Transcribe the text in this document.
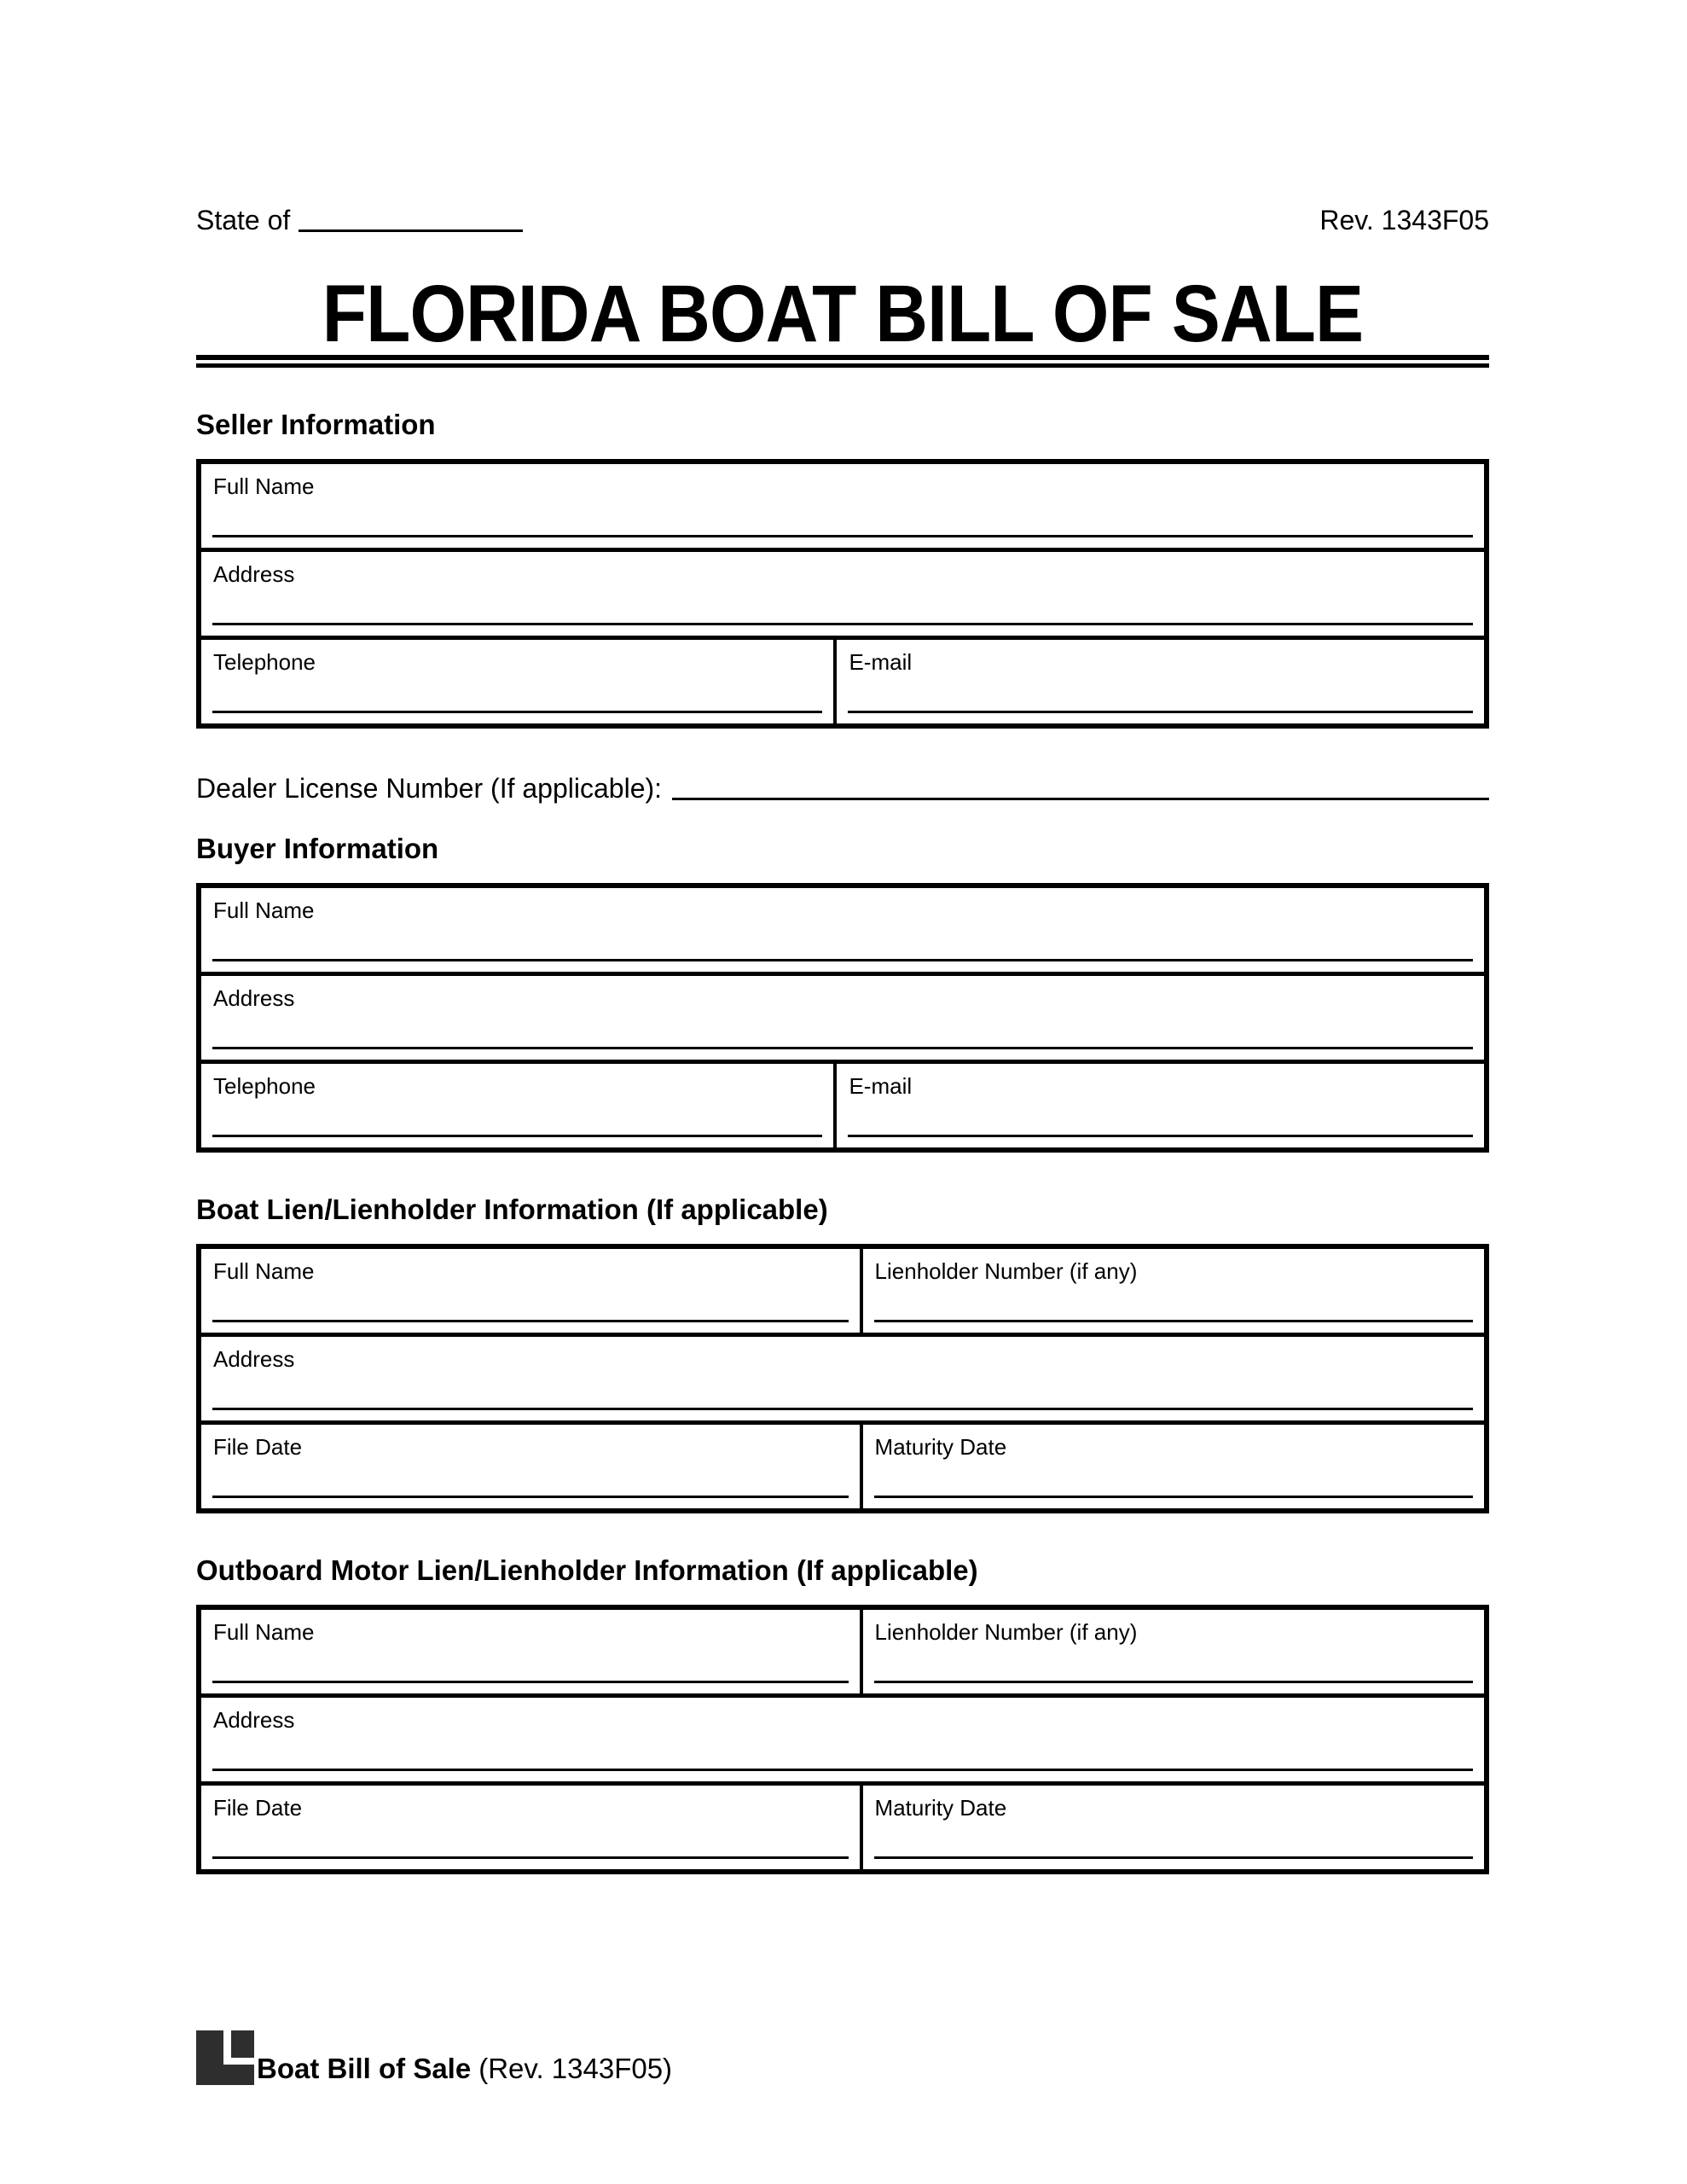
State of	Rev. 1343F05
FLORIDA BOAT BILL OF SALE
Seller Information
Full Name
Address
Telephone	E-mail
Dealer License Number (If applicable):
Buyer Information
Full Name
Address
Telephone	E-mail
Boat Lien/Lienholder Information (If applicable)
Full Name	Lienholder Number (if any)
Address
File Date	Maturity Date
Outboard Motor Lien/Lienholder Information (If applicable)
Full Name	Lienholder Number (if any)
Address
File Date	Maturity Date
Boat Bill of Sale (Rev. 1343F05)
